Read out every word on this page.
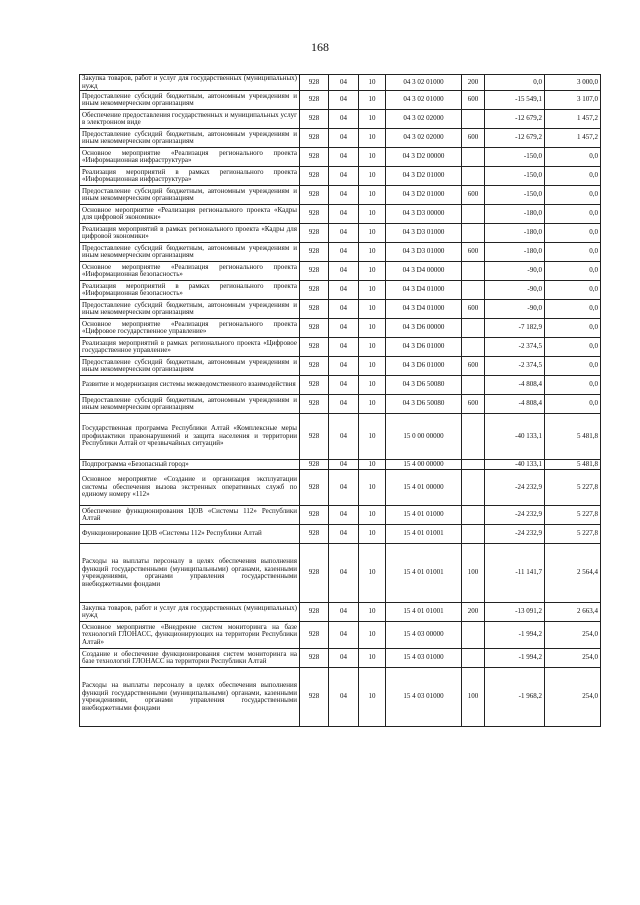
168
Закупка товаров, работ и услуг для государственных (муниципальных) нужд	928	04	10	04 3 02 01000	200	0,0	3 000,0
Предоставление субсидий бюджетным, автономным учреждениям и иным некоммерческим организациям	928	04	10	04 3 02 01000	600	-15 549,1	3 107,0
Обеспечение предоставления государственных и муниципальных услуг в электронном виде	928	04	10	04 3 02 02000		-12 679,2	1 457,2
Предоставление субсидий бюджетным, автономным учреждениям и иным некоммерческим организациям	928	04	10	04 3 02 02000	600	-12 679,2	1 457,2
Основное мероприятие «Реализация регионального проекта «Информационная инфраструктура»	928	04	10	04 3 D2 00000		-150,0	0,0
Реализация мероприятий в рамках регионального проекта «Информационная инфраструктура»	928	04	10	04 3 D2 01000		-150,0	0,0
Предоставление субсидий бюджетным, автономным учреждениям и иным некоммерческим организациям	928	04	10	04 3 D2 01000	600	-150,0	0,0
Основное мероприятие «Реализация регионального проекта «Кадры для цифровой экономики»	928	04	10	04 3 D3 00000		-180,0	0,0
Реализация мероприятий в рамках регионального проекта «Кадры для цифровой экономики»	928	04	10	04 3 D3 01000		-180,0	0,0
Предоставление субсидий бюджетным, автономным учреждениям и иным некоммерческим организациям	928	04	10	04 3 D3 01000	600	-180,0	0,0
Основное мероприятие «Реализация регионального проекта «Информационная безопасность»	928	04	10	04 3 D4 00000		-90,0	0,0
Реализация мероприятий в рамках регионального проекта «Информационная безопасность»	928	04	10	04 3 D4 01000		-90,0	0,0
Предоставление субсидий бюджетным, автономным учреждениям и иным некоммерческим организациям	928	04	10	04 3 D4 01000	600	-90,0	0,0
Основное мероприятие «Реализация регионального проекта «Цифровое государственное управление»	928	04	10	04 3 D6 00000		-7 182,9	0,0
Реализация мероприятий в рамках регионального проекта «Цифровое государственное управление»	928	04	10	04 3 D6 01000		-2 374,5	0,0
Предоставление субсидий бюджетным, автономным учреждениям и иным некоммерческим организациям	928	04	10	04 3 D6 01000	600	-2 374,5	0,0
Развитие и модернизация системы межведомственного взаимодействия	928	04	10	04 3 D6 50080		-4 808,4	0,0
Предоставление субсидий бюджетным, автономным учреждениям и иным некоммерческим организациям	928	04	10	04 3 D6 50080	600	-4 808,4	0,0
Государственная программа Республики Алтай «Комплексные меры профилактики правонарушений и защита населения и территории Республики Алтай от чрезвычайных ситуаций»	928	04	10	15 0 00 00000		-40 133,1	5 481,8
Подпрограмма «Безопасный город»	928	04	10	15 4 00 00000		-40 133,1	5 481,8
Основное мероприятие «Создание и организация эксплуатации системы обеспечения вызова экстренных оперативных служб по единому номеру «112»	928	04	10	15 4 01 00000		-24 232,9	5 227,8
Обеспечение функционирования ЦОВ «Системы 112» Республики Алтай	928	04	10	15 4 01 01000		-24 232,9	5 227,8
Функционирование ЦОВ «Системы 112» Республики Алтай	928	04	10	15 4 01 01001		-24 232,9	5 227,8
Расходы на выплаты персоналу в целях обеспечения выполнения функций государственными (муниципальными) органами, казенными учреждениями, органами управления государственными внебюджетными фондами	928	04	10	15 4 01 01001	100	-11 141,7	2 564,4
Закупка товаров, работ и услуг для государственных (муниципальных) нужд	928	04	10	15 4 01 01001	200	-13 091,2	2 663,4
Основное мероприятие «Внедрение систем мониторинга на базе технологий ГЛОНАСС, функционирующих на территории Республики Алтай»	928	04	10	15 4 03 00000		-1 994,2	254,0
Создание и обеспечение функционирования систем мониторинга на базе технологий ГЛОНАСС на территории Республики Алтай	928	04	10	15 4 03 01000		-1 994,2	254,0
Расходы на выплаты персоналу в целях обеспечения выполнения функций государственными (муниципальными) органами, казенными учреждениями, органами управления государственными внебюджетными фондами	928	04	10	15 4 03 01000	100	-1 968,2	254,0
